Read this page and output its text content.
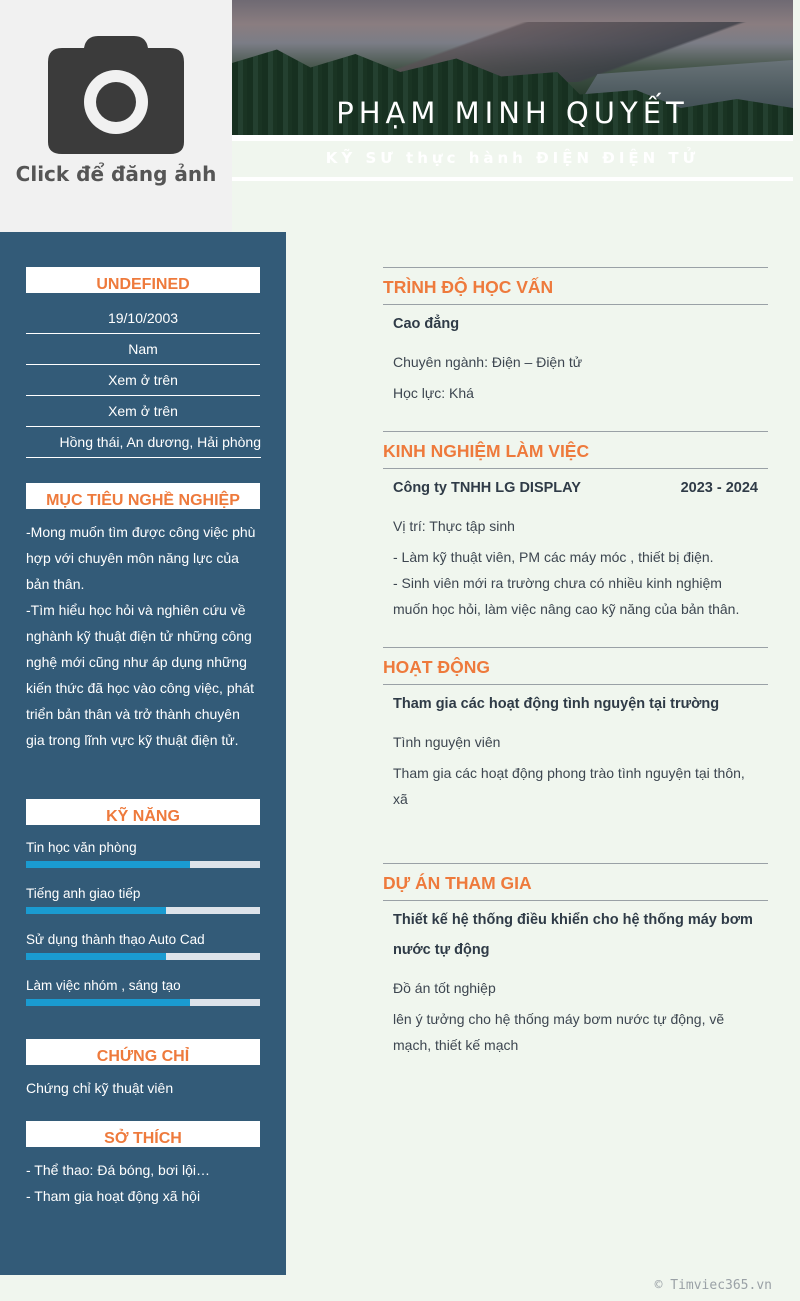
Click để đăng ảnh
PHẠM MINH QUYẾT
KỸ SƯ thực hành ĐIỆN ĐIỆN TỬ
UNDEFINED
19/10/2003
Nam
Xem ở trên
Xem ở trên
Hồng thái, An dương, Hải phòng
MỤC TIÊU NGHỀ NGHIỆP
-Mong muốn tìm được công việc phù hợp với chuyên môn năng lực của bản thân.
-Tìm hiểu học hỏi và nghiên cứu về nghành kỹ thuật điện tử những công nghệ mới cũng như áp dụng những kiến thức đã học vào công việc, phát triển bản thân và trở thành chuyên gia trong lĩnh vực kỹ thuật điện tử.
KỸ NĂNG
Tin học văn phòng
Tiếng anh giao tiếp
Sử dụng thành thạo Auto Cad
Làm việc nhóm , sáng tạo
CHỨNG CHỈ
Chứng chỉ kỹ thuật viên
SỞ THÍCH
- Thể thao: Đá bóng, bơi lội…
- Tham gia hoạt động xã hội
TRÌNH ĐỘ HỌC VẤN
Cao đẳng
Chuyên ngành: Điện – Điện tử
Học lực: Khá
KINH NGHIỆM LÀM VIỆC
Công ty TNHH LG DISPLAY	2023 - 2024
Vị trí: Thực tập sinh
- Làm kỹ thuật viên, PM các máy móc , thiết bị điện.
- Sinh viên mới ra trường chưa có nhiều kinh nghiệm muốn học hỏi, làm việc nâng cao kỹ năng của bản thân.
HOẠT ĐỘNG
Tham gia các hoạt động tình nguyện tại trường
Tình nguyện viên
Tham gia các hoạt động phong trào tình nguyện tại thôn, xã
DỰ ÁN THAM GIA
Thiết kế hệ thống điều khiển cho hệ thống máy bơm nước tự động
Đồ án tốt nghiệp
lên ý tưởng cho hệ thống máy bơm nước tự động, vẽ mạch, thiết kế mạch
© Timviec365.vn
